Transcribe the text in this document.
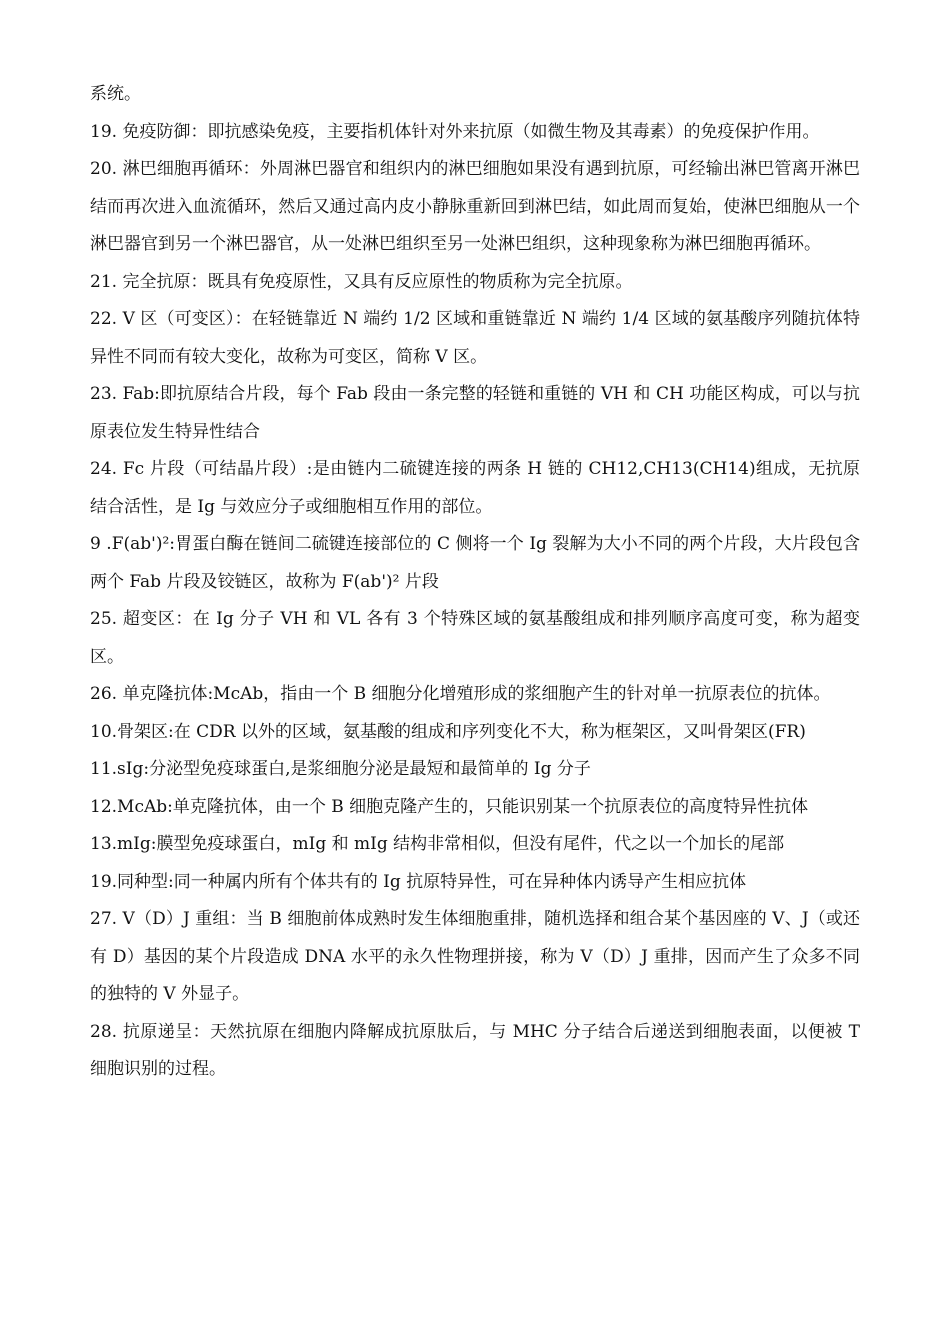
系统。

19. 免疫防御：即抗感染免疫，主要指机体针对外来抗原（如微生物及其毒素）的免疫保护作用。

20. 淋巴细胞再循环：外周淋巴器官和组织内的淋巴细胞如果没有遇到抗原，可经输出淋巴管离开淋巴结而再次进入血流循环，然后又通过高内皮小静脉重新回到淋巴结，如此周而复始，使淋巴细胞从一个淋巴器官到另一个淋巴器官，从一处淋巴组织至另一处淋巴组织，这种现象称为淋巴细胞再循环。

21. 完全抗原：既具有免疫原性，又具有反应原性的物质称为完全抗原。

22. V 区（可变区）：在轻链靠近 N 端约 1/2 区域和重链靠近 N 端约 1/4 区域的氨基酸序列随抗体特异性不同而有较大变化，故称为可变区，简称 V 区。

23. Fab:即抗原结合片段，每个 Fab 段由一条完整的轻链和重链的 VH 和 CH 功能区构成，可以与抗原表位发生特异性结合

24. Fc 片段（可结晶片段）:是由链内二硫键连接的两条 H 链的 CH12,CH13(CH14)组成，无抗原结合活性，是 Ig 与效应分子或细胞相互作用的部位。

9 .F(ab')²:胃蛋白酶在链间二硫键连接部位的 C 侧将一个 Ig 裂解为大小不同的两个片段，大片段包含两个 Fab 片段及铰链区，故称为 F(ab')² 片段

25. 超变区：在 Ig 分子 VH 和 VL 各有 3 个特殊区域的氨基酸组成和排列顺序高度可变，称为超变区。

26. 单克隆抗体:McAb，指由一个 B 细胞分化增殖形成的浆细胞产生的针对单一抗原表位的抗体。

10.骨架区:在 CDR 以外的区域，氨基酸的组成和序列变化不大，称为框架区，又叫骨架区(FR)

11.sIg:分泌型免疫球蛋白,是浆细胞分泌是最短和最简单的 Ig 分子

12.McAb:单克隆抗体，由一个 B 细胞克隆产生的，只能识别某一个抗原表位的高度特异性抗体

13.mIg:膜型免疫球蛋白，mIg 和 mIg 结构非常相似，但没有尾件，代之以一个加长的尾部

19.同种型:同一种属内所有个体共有的 Ig 抗原特异性，可在异种体内诱导产生相应抗体

27. V（D）J 重组：当 B 细胞前体成熟时发生体细胞重排，随机选择和组合某个基因座的 V、J（或还有 D）基因的某个片段造成 DNA 水平的永久性物理拼接，称为 V（D）J 重排，因而产生了众多不同的独特的 V 外显子。

28. 抗原递呈：天然抗原在细胞内降解成抗原肽后，与 MHC 分子结合后递送到细胞表面，以便被 T 细胞识别的过程。
